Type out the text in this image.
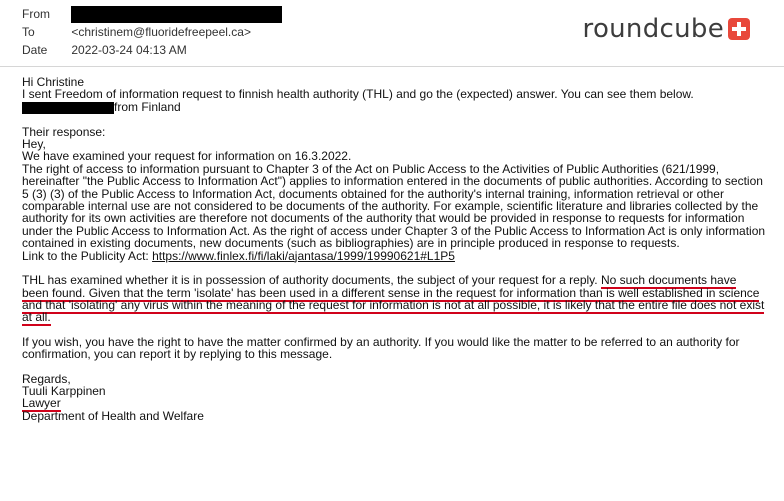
From
To	<christinem@fluoridefreepeel.ca>
Date 2022-03-24 04:13 AM
roundcube

Hi Christine

I sent Freedom of information request to finnish health authority (THL) and go the (expected) answer. You can see them below.

from Finland

Their response:

Hey,

We have examined your request for information on 16.3.2022.

The right of access to information pursuant to Chapter 3 of the Act on Public Access to the Activities of Public Authorities (621/1999, hereinafter "the Public Access to Information Act") applies to information entered in the documents of public authorities. According to section 5 (3) (3) of the Public Access to Information Act, documents obtained for the authority's internal training, information retrieval or other comparable internal use are not considered to be documents of the authority. For example, scientific literature and libraries collected by the authority for its own activities are therefore not documents of the authority that would be provided in response to requests for information under the Public Access to Information Act. As the right of access under Chapter 3 of the Public Access to Information Act is only information contained in existing documents, new documents (such as bibliographies) are in principle produced in response to requests.

Link to the Publicity Act: https://www.finlex.fi/fi/laki/ajantasa/1999/19990621#L1P5

THL has examined whether it is in possession of authority documents, the subject of your request for a reply. No such documents have been found. Given that the term 'isolate' has been used in a different sense in the request for information than is well established in science and that 'isolating' any virus within the meaning of the request for information is not at all possible, it is likely that the entire file does not exist at all.

If you wish, you have the right to have the matter confirmed by an authority. If you would like the matter to be referred to an authority for confirmation, you can report it by replying to this message.

Regards,

Tuuli Karppinen

Lawyer

Department of Health and Welfare
